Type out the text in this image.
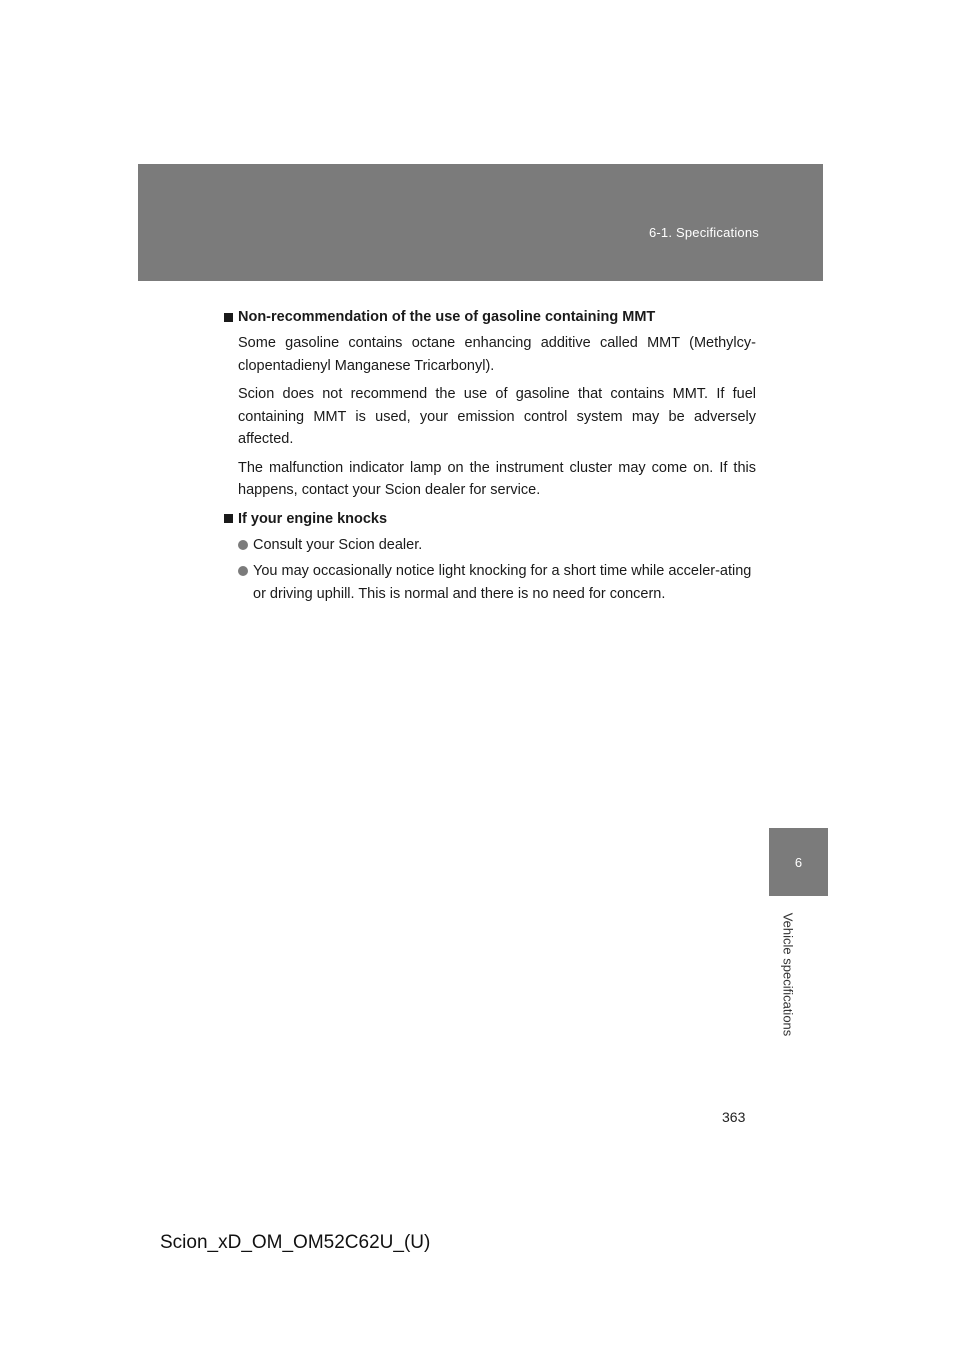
6-1. Specifications
Non-recommendation of the use of gasoline containing MMT

Some gasoline contains octane enhancing additive called MMT (Methylcy-clopentadienyl Manganese Tricarbonyl).

Scion does not recommend the use of gasoline that contains MMT. If fuel containing MMT is used, your emission control system may be adversely affected.

The malfunction indicator lamp on the instrument cluster may come on. If this happens, contact your Scion dealer for service.

If your engine knocks
Consult your Scion dealer.
You may occasionally notice light knocking for a short time while acceler-ating or driving uphill. This is normal and there is no need for concern.
6
Vehicle specifications
363
Scion_xD_OM_OM52C62U_(U)
